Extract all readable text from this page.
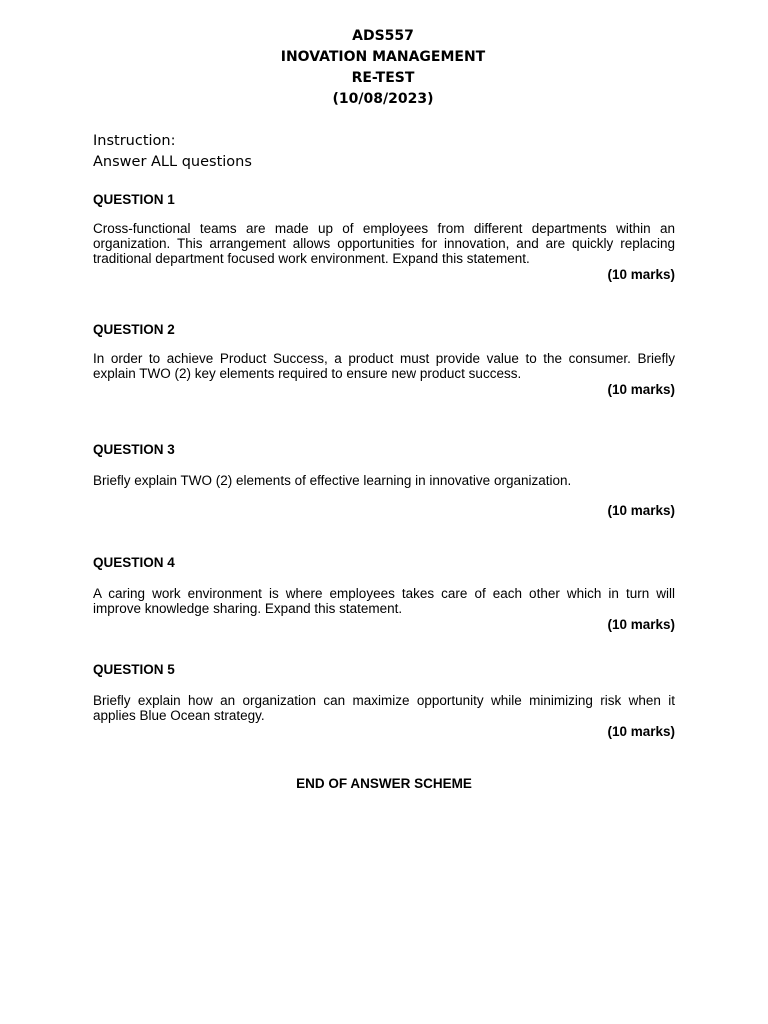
ADS557
INOVATION MANAGEMENT
RE-TEST
(10/08/2023)
Instruction:
Answer ALL questions
QUESTION 1
Cross-functional teams are made up of employees from different departments within an organization. This arrangement allows opportunities for innovation, and are quickly replacing traditional department focused work environment. Expand this statement.
(10 marks)
QUESTION 2
In order to achieve Product Success, a product must provide value to the consumer. Briefly explain TWO (2) key elements required to ensure new product success.
(10 marks)
QUESTION 3
Briefly explain TWO (2) elements of effective learning in innovative organization.
(10 marks)
QUESTION 4
A caring work environment is where employees takes care of each other which in turn will improve knowledge sharing. Expand this statement.
(10 marks)
QUESTION 5
Briefly explain how an organization can maximize opportunity while minimizing risk when it applies Blue Ocean strategy.
(10 marks)
END OF ANSWER SCHEME
